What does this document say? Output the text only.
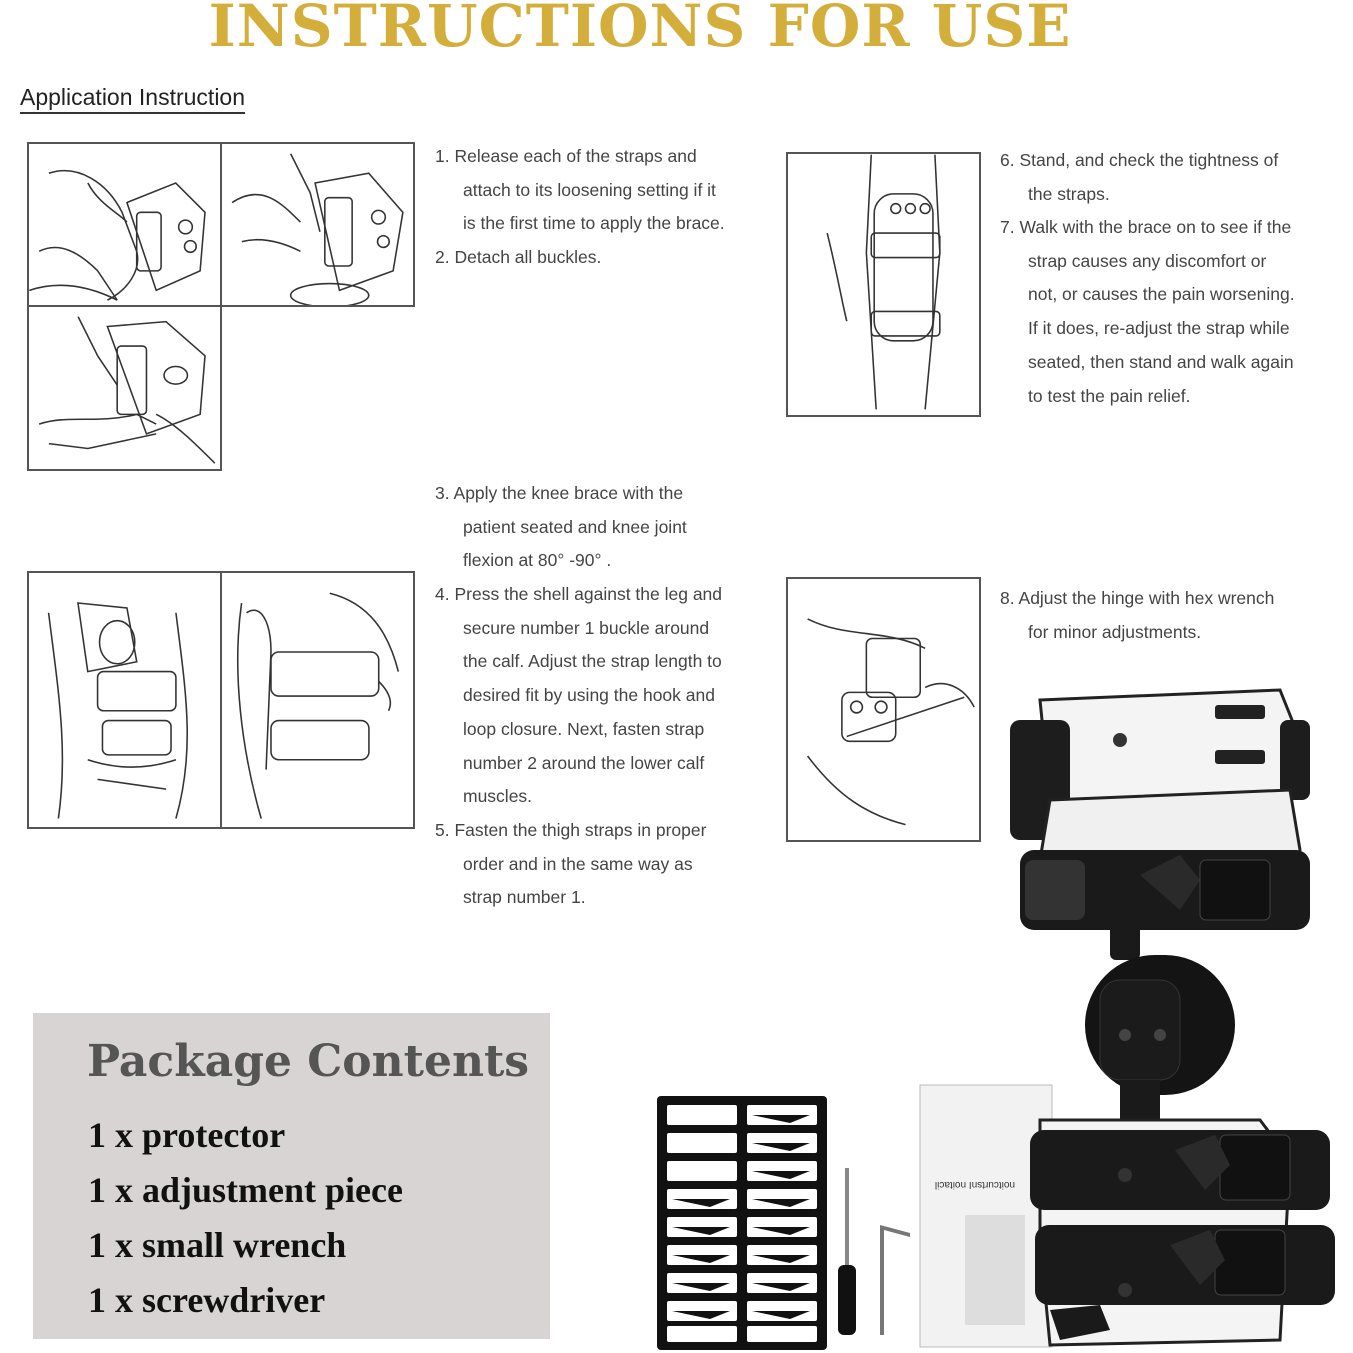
INSTRUCTIONS FOR USE
Application Instruction
1. Release each of the straps and
attach to its loosening setting if it
is the first time to apply the brace.
2. Detach all buckles.
3. Apply the knee brace with the
patient seated and knee joint
flexion at 80° -90° .
4. Press the shell against the leg and
secure number 1 buckle around
the calf. Adjust the strap length to
desired fit by using the hook and
loop closure. Next, fasten strap
number 2 around the lower calf
muscles.
5. Fasten the thigh straps in proper
order and in the same way as
strap number 1.
6. Stand, and check the tightness of
the straps.
7. Walk with the brace on to see if the
strap causes any discomfort or
not, or causes the pain worsening.
If it does, re-adjust the strap while
seated, then stand and walk again
to test the pain relief.
8. Adjust the hinge with hex wrench
for minor adjustments.
Package Contents
1 x protector
1 x adjustment piece
1 x small wrench
1 x screwdriver
noitcurtsnI noitacil
